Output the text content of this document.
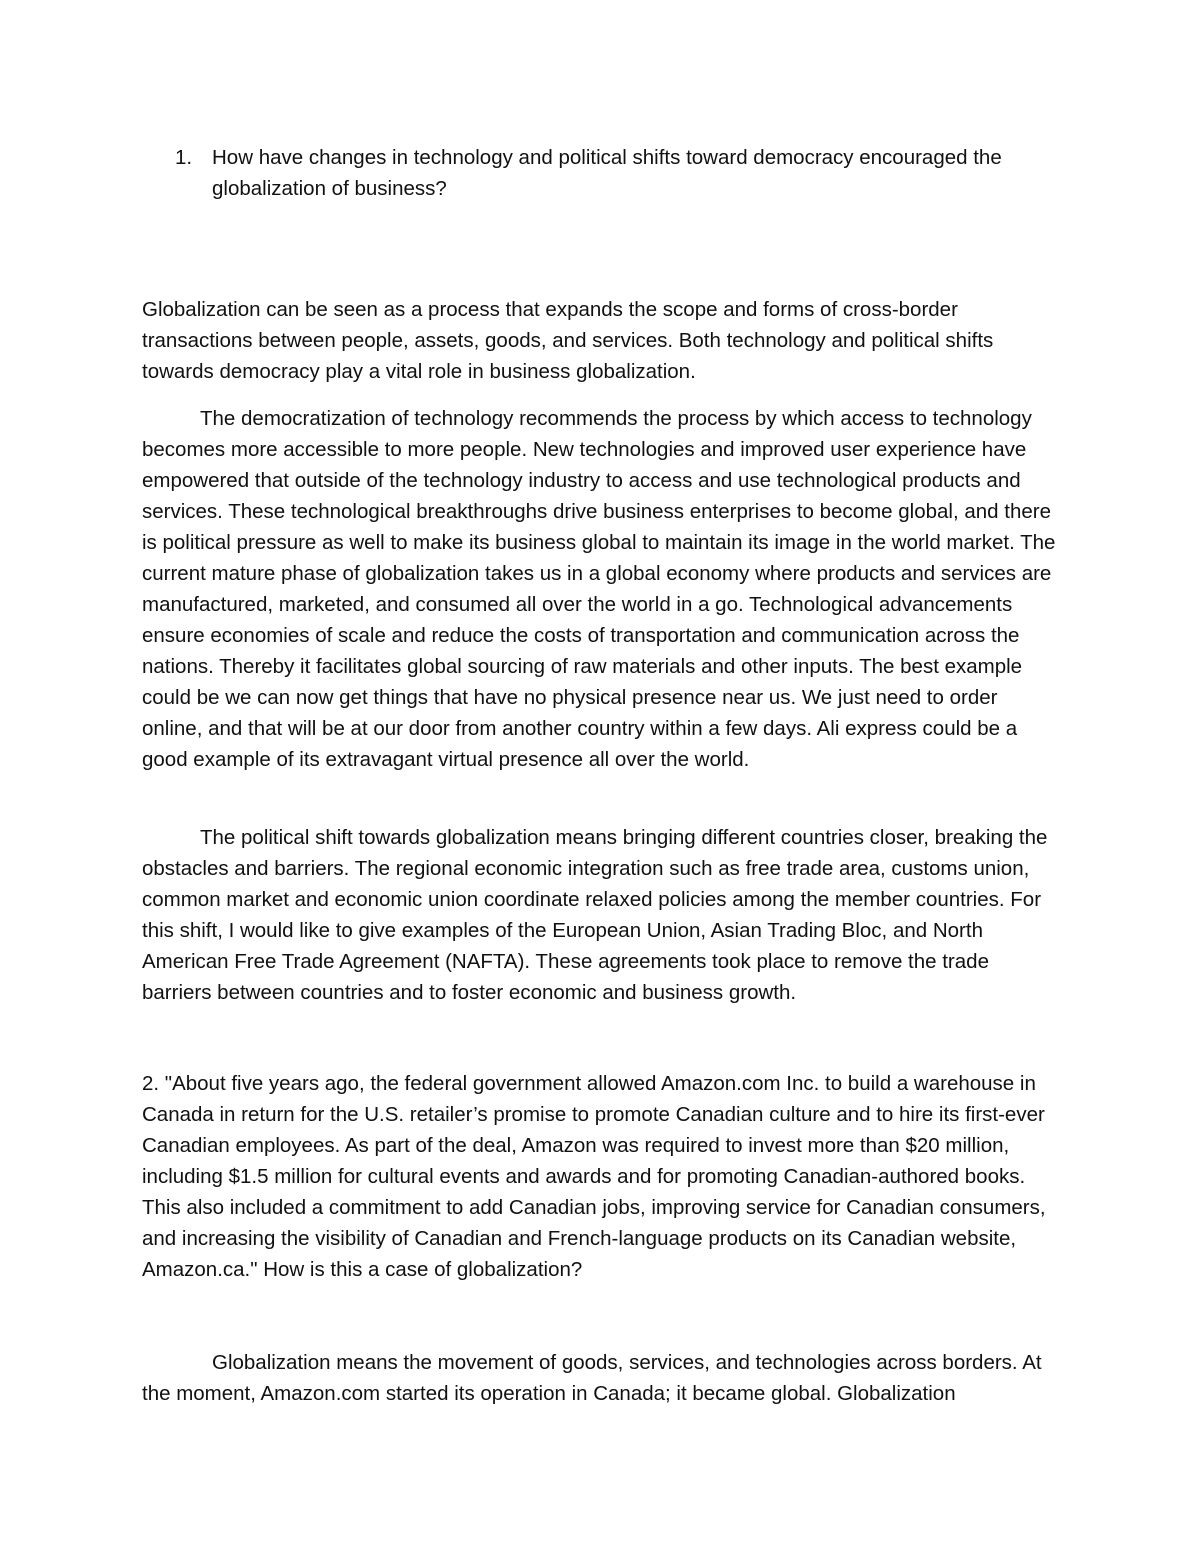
1. How have changes in technology and political shifts toward democracy encouraged the globalization of business?

Globalization can be seen as a process that expands the scope and forms of cross-border transactions between people, assets, goods, and services. Both technology and political shifts towards democracy play a vital role in business globalization.

The democratization of technology recommends the process by which access to technology becomes more accessible to more people. New technologies and improved user experience have empowered that outside of the technology industry to access and use technological products and services. These technological breakthroughs drive business enterprises to become global, and there is political pressure as well to make its business global to maintain its image in the world market. The current mature phase of globalization takes us in a global economy where products and services are manufactured, marketed, and consumed all over the world in a go. Technological advancements ensure economies of scale and reduce the costs of transportation and communication across the nations. Thereby it facilitates global sourcing of raw materials and other inputs. The best example could be we can now get things that have no physical presence near us. We just need to order online, and that will be at our door from another country within a few days. Ali express could be a good example of its extravagant virtual presence all over the world.

The political shift towards globalization means bringing different countries closer, breaking the obstacles and barriers. The regional economic integration such as free trade area, customs union, common market and economic union coordinate relaxed policies among the member countries. For this shift, I would like to give examples of the European Union, Asian Trading Bloc, and North American Free Trade Agreement (NAFTA). These agreements took place to remove the trade barriers between countries and to foster economic and business growth.

2. "About five years ago, the federal government allowed Amazon.com Inc. to build a warehouse in Canada in return for the U.S. retailer’s promise to promote Canadian culture and to hire its first-ever Canadian employees. As part of the deal, Amazon was required to invest more than $20 million, including $1.5 million for cultural events and awards and for promoting Canadian-authored books. This also included a commitment to add Canadian jobs, improving service for Canadian consumers, and increasing the visibility of Canadian and French-language products on its Canadian website, Amazon.ca." How is this a case of globalization?

Globalization means the movement of goods, services, and technologies across borders. At the moment, Amazon.com started its operation in Canada; it became global. Globalization
